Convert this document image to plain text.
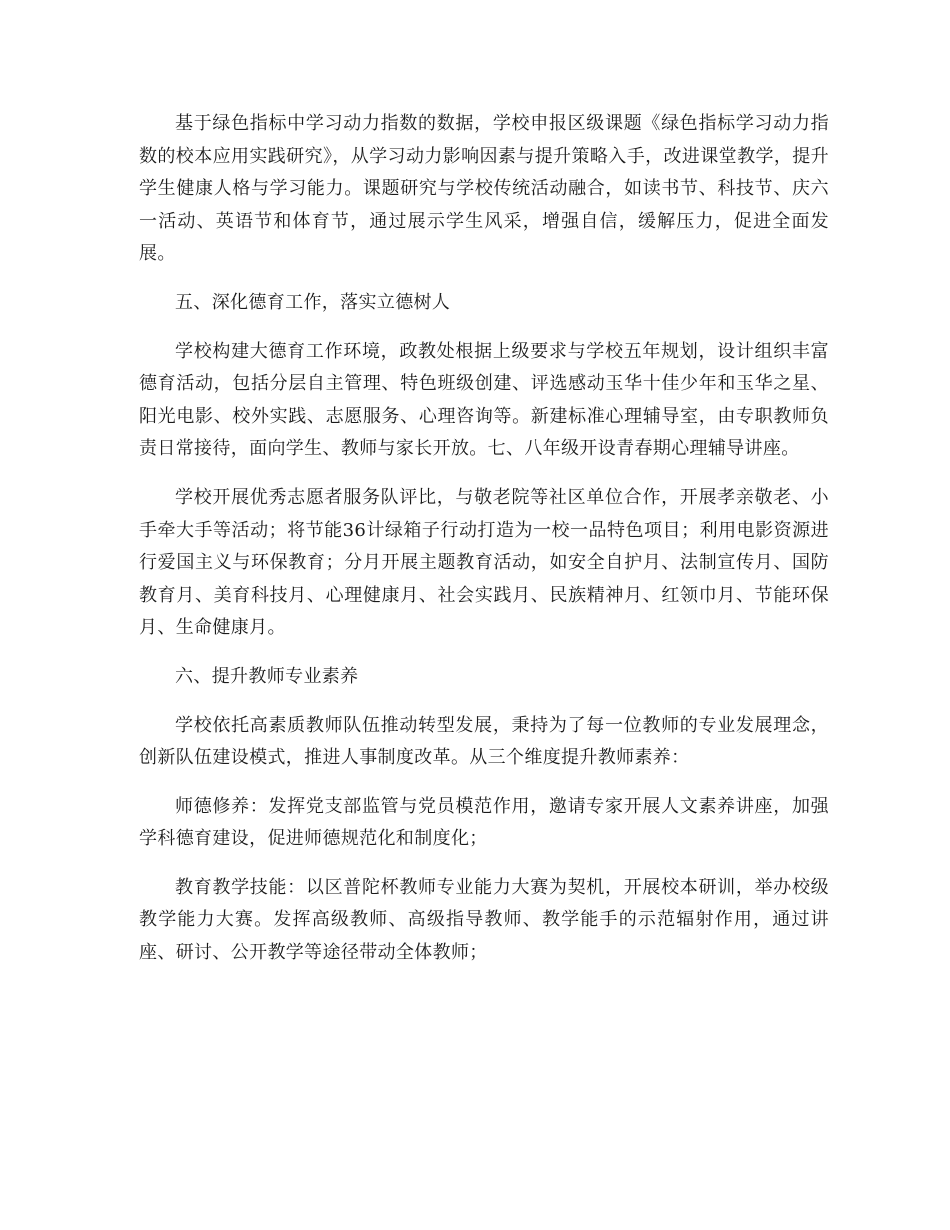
基于绿色指标中学习动力指数的数据，学校申报区级课题《绿色指标学习动力指数的校本应用实践研究》，从学习动力影响因素与提升策略入手，改进课堂教学，提升学生健康人格与学习能力。课题研究与学校传统活动融合，如读书节、科技节、庆六一活动、英语节和体育节，通过展示学生风采，增强自信，缓解压力，促进全面发展。

五、深化德育工作，落实立德树人

学校构建大德育工作环境，政教处根据上级要求与学校五年规划，设计组织丰富德育活动，包括分层自主管理、特色班级创建、评选感动玉华十佳少年和玉华之星、阳光电影、校外实践、志愿服务、心理咨询等。新建标准心理辅导室，由专职教师负责日常接待，面向学生、教师与家长开放。七、八年级开设青春期心理辅导讲座。

学校开展优秀志愿者服务队评比，与敬老院等社区单位合作，开展孝亲敬老、小手牵大手等活动；将节能36计绿箱子行动打造为一校一品特色项目；利用电影资源进行爱国主义与环保教育；分月开展主题教育活动，如安全自护月、法制宣传月、国防教育月、美育科技月、心理健康月、社会实践月、民族精神月、红领巾月、节能环保月、生命健康月。

六、提升教师专业素养

学校依托高素质教师队伍推动转型发展，秉持为了每一位教师的专业发展理念，创新队伍建设模式，推进人事制度改革。从三个维度提升教师素养：

师德修养：发挥党支部监管与党员模范作用，邀请专家开展人文素养讲座，加强学科德育建设，促进师德规范化和制度化；

教育教学技能：以区普陀杯教师专业能力大赛为契机，开展校本研训，举办校级教学能力大赛。发挥高级教师、高级指导教师、教学能手的示范辐射作用，通过讲座、研讨、公开教学等途径带动全体教师；
